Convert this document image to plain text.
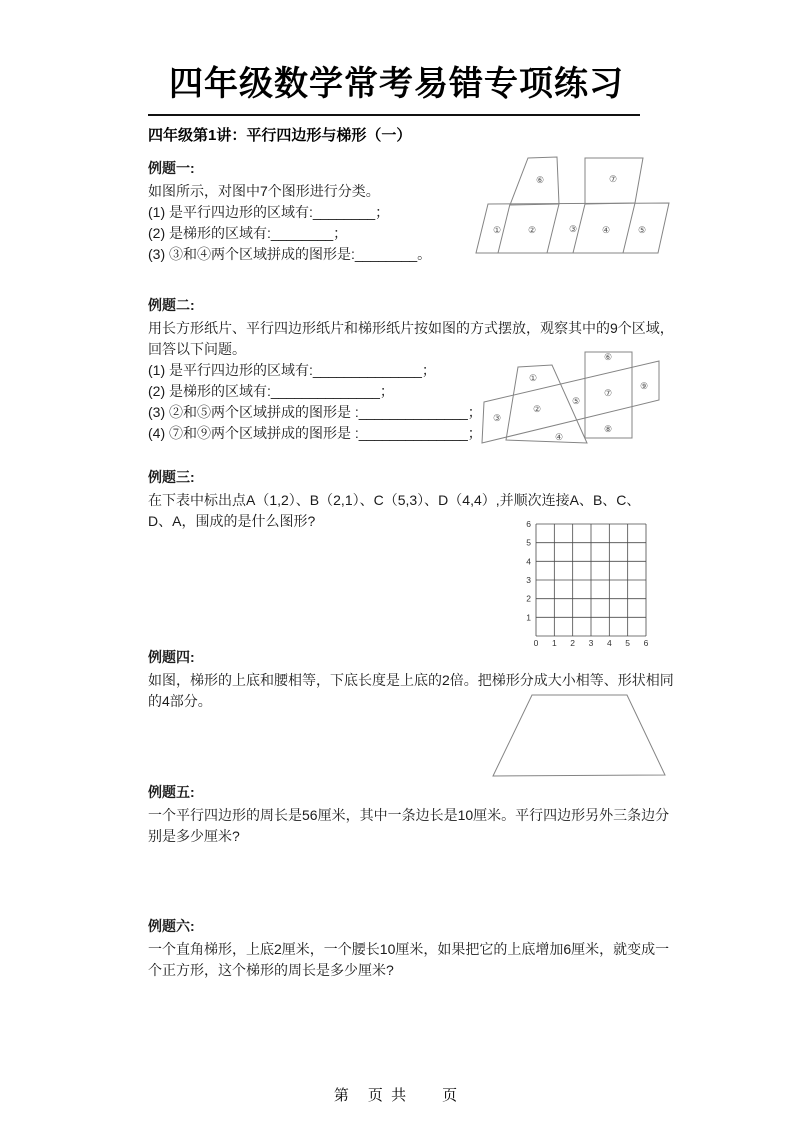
四年级数学常考易错专项练习
四年级第1讲：平行四边形与梯形（一）
例题一:
如图所示，对图中7个图形进行分类。
(1) 是平行四边形的区域有:________；
(2) 是梯形的区域有:________；
(3) ③和④两个区域拼成的图形是:________。
①	②	③	④	⑤
⑥	⑦
例题二:
用长方形纸片、平行四边形纸片和梯形纸片按如图的方式摆放，观察其中的9个区域，
回答以下问题。
(1) 是平行四边形的区域有:______________；
(2) 是梯形的区域有:______________；
(3) ②和⑤两个区域拼成的图形是 :______________；
(4) ⑦和⑨两个区域拼成的图形是 :______________；
①
②
③
④
⑤
⑥
⑦
⑧
⑨
例题三:
在下表中标出点A（1,2）、B（2,1）、C（5,3）、D（4,4）,并顺次连接A、B、C、
D、A，围成的是什么图形?	6
5
4
3
2
1
0 1 2 3 4 5 6
例题四:
如图，梯形的上底和腰相等，下底长度是上底的2倍。把梯形分成大小相等、形状相同
的4部分。
例题五:
一个平行四边形的周长是56厘米，其中一条边长是10厘米。平行四边形另外三条边分
别是多少厘米?
例题六:
一个直角梯形，上底2厘米，一个腰长10厘米，如果把它的上底增加6厘米，就变成一
个正方形，这个梯形的周长是多少厘米?
第　页 共　　页
